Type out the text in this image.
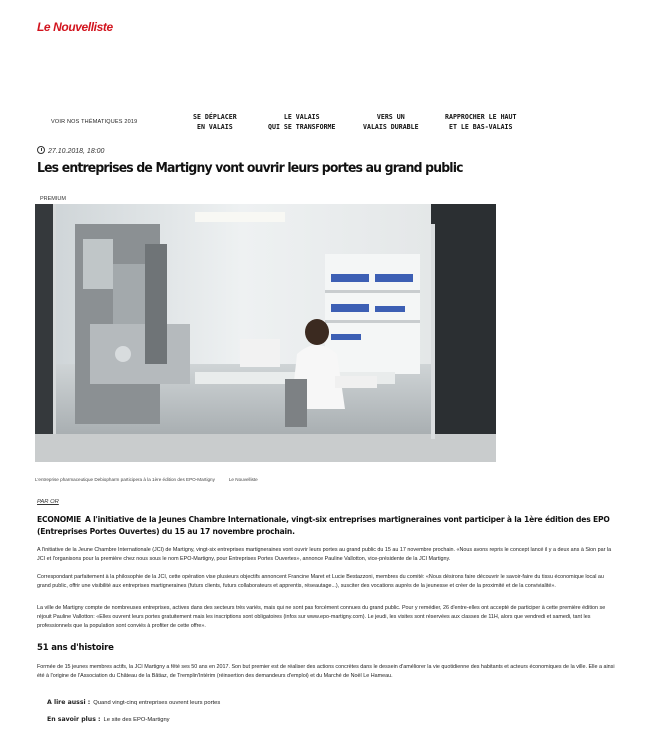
Le Nouvelliste
VOIR NOS THÉMATIQUES 2019
SE DÉPLACER
EN VALAIS
LE VALAIS
QUI SE TRANSFORME
VERS UN
VALAIS DURABLE
RAPPROCHER LE HAUT
ET LE BAS-VALAIS
27.10.2018, 18:00
Les entreprises de Martigny vont ouvrir leurs portes au grand public
PREMIUM
L'entreprise pharmaceutique Debiopharm participera à la 1ère édition des EPO-Martigny	Le Nouvelliste
PAR OR
ECONOMIE A l'initiative de la Jeunes Chambre Internationale, vingt-six entreprises martigneraines vont participer à la 1ère édition des EPO (Entreprises Portes Ouvertes) du 15 au 17 novembre prochain.
A l'initiative de la Jeune Chambre Internationale (JCI) de Martigny, vingt-six entreprises martigneraines vont ouvrir leurs portes au grand public du 15 au 17 novembre prochain. «Nous avons repris le concept lancé il y a deux ans à Sion par la JCI et l'organisons pour la première chez nous sous le nom EPO-Martigny, pour Entreprises Portes Ouvertes», annonce Pauline Vallotton, vice-présidente de la JCI Martigny.
Correspondant parfaitement à la philosophie de la JCI, cette opération vise plusieurs objectifs annoncent Francine Maret et Lucie Bestazzoni, membres du comité: «Nous désirons faire découvrir le savoir-faire du tissu économique local au grand public, offrir une visibilité aux entreprises martigneraines (futurs clients, futurs collaborateurs et apprentis, réseautage...), susciter des vocations auprès de la jeunesse et créer de la proximité et de la convivialité».
La ville de Martigny compte de nombreuses entreprises, actives dans des secteurs très variés, mais qui ne sont pas forcément connues du grand public. Pour y remédier, 26 d'entre-elles ont accepté de participer à cette première édition se réjouit Pauline Vallotton: «Elles ouvrent leurs portes gratuitement mais les inscriptions sont obligatoires (infos sur www.epo-martigny.com). Le jeudi, les visites sont réservées aux classes de 11H, alors que vendredi et samedi, tant les professionnels que la population sont conviés à profiter de cette offre».
51 ans d'histoire
Formée de 15 jeunes membres actifs, la JCI Martigny a fêté ses 50 ans en 2017. Son but premier est de réaliser des actions concrètes dans le dessein d'améliorer la vie quotidienne des habitants et acteurs économiques de la ville. Elle a ainsi été à l'origine de l'Association du Château de la Bâtiaz, de Tremplin'Intérim (réinsertion des demandeurs d'emploi) et du Marché de Noël Le Hameau.
A lire aussi : Quand vingt-cinq entreprises ouvrent leurs portes
En savoir plus : Le site des EPO-Martigny
